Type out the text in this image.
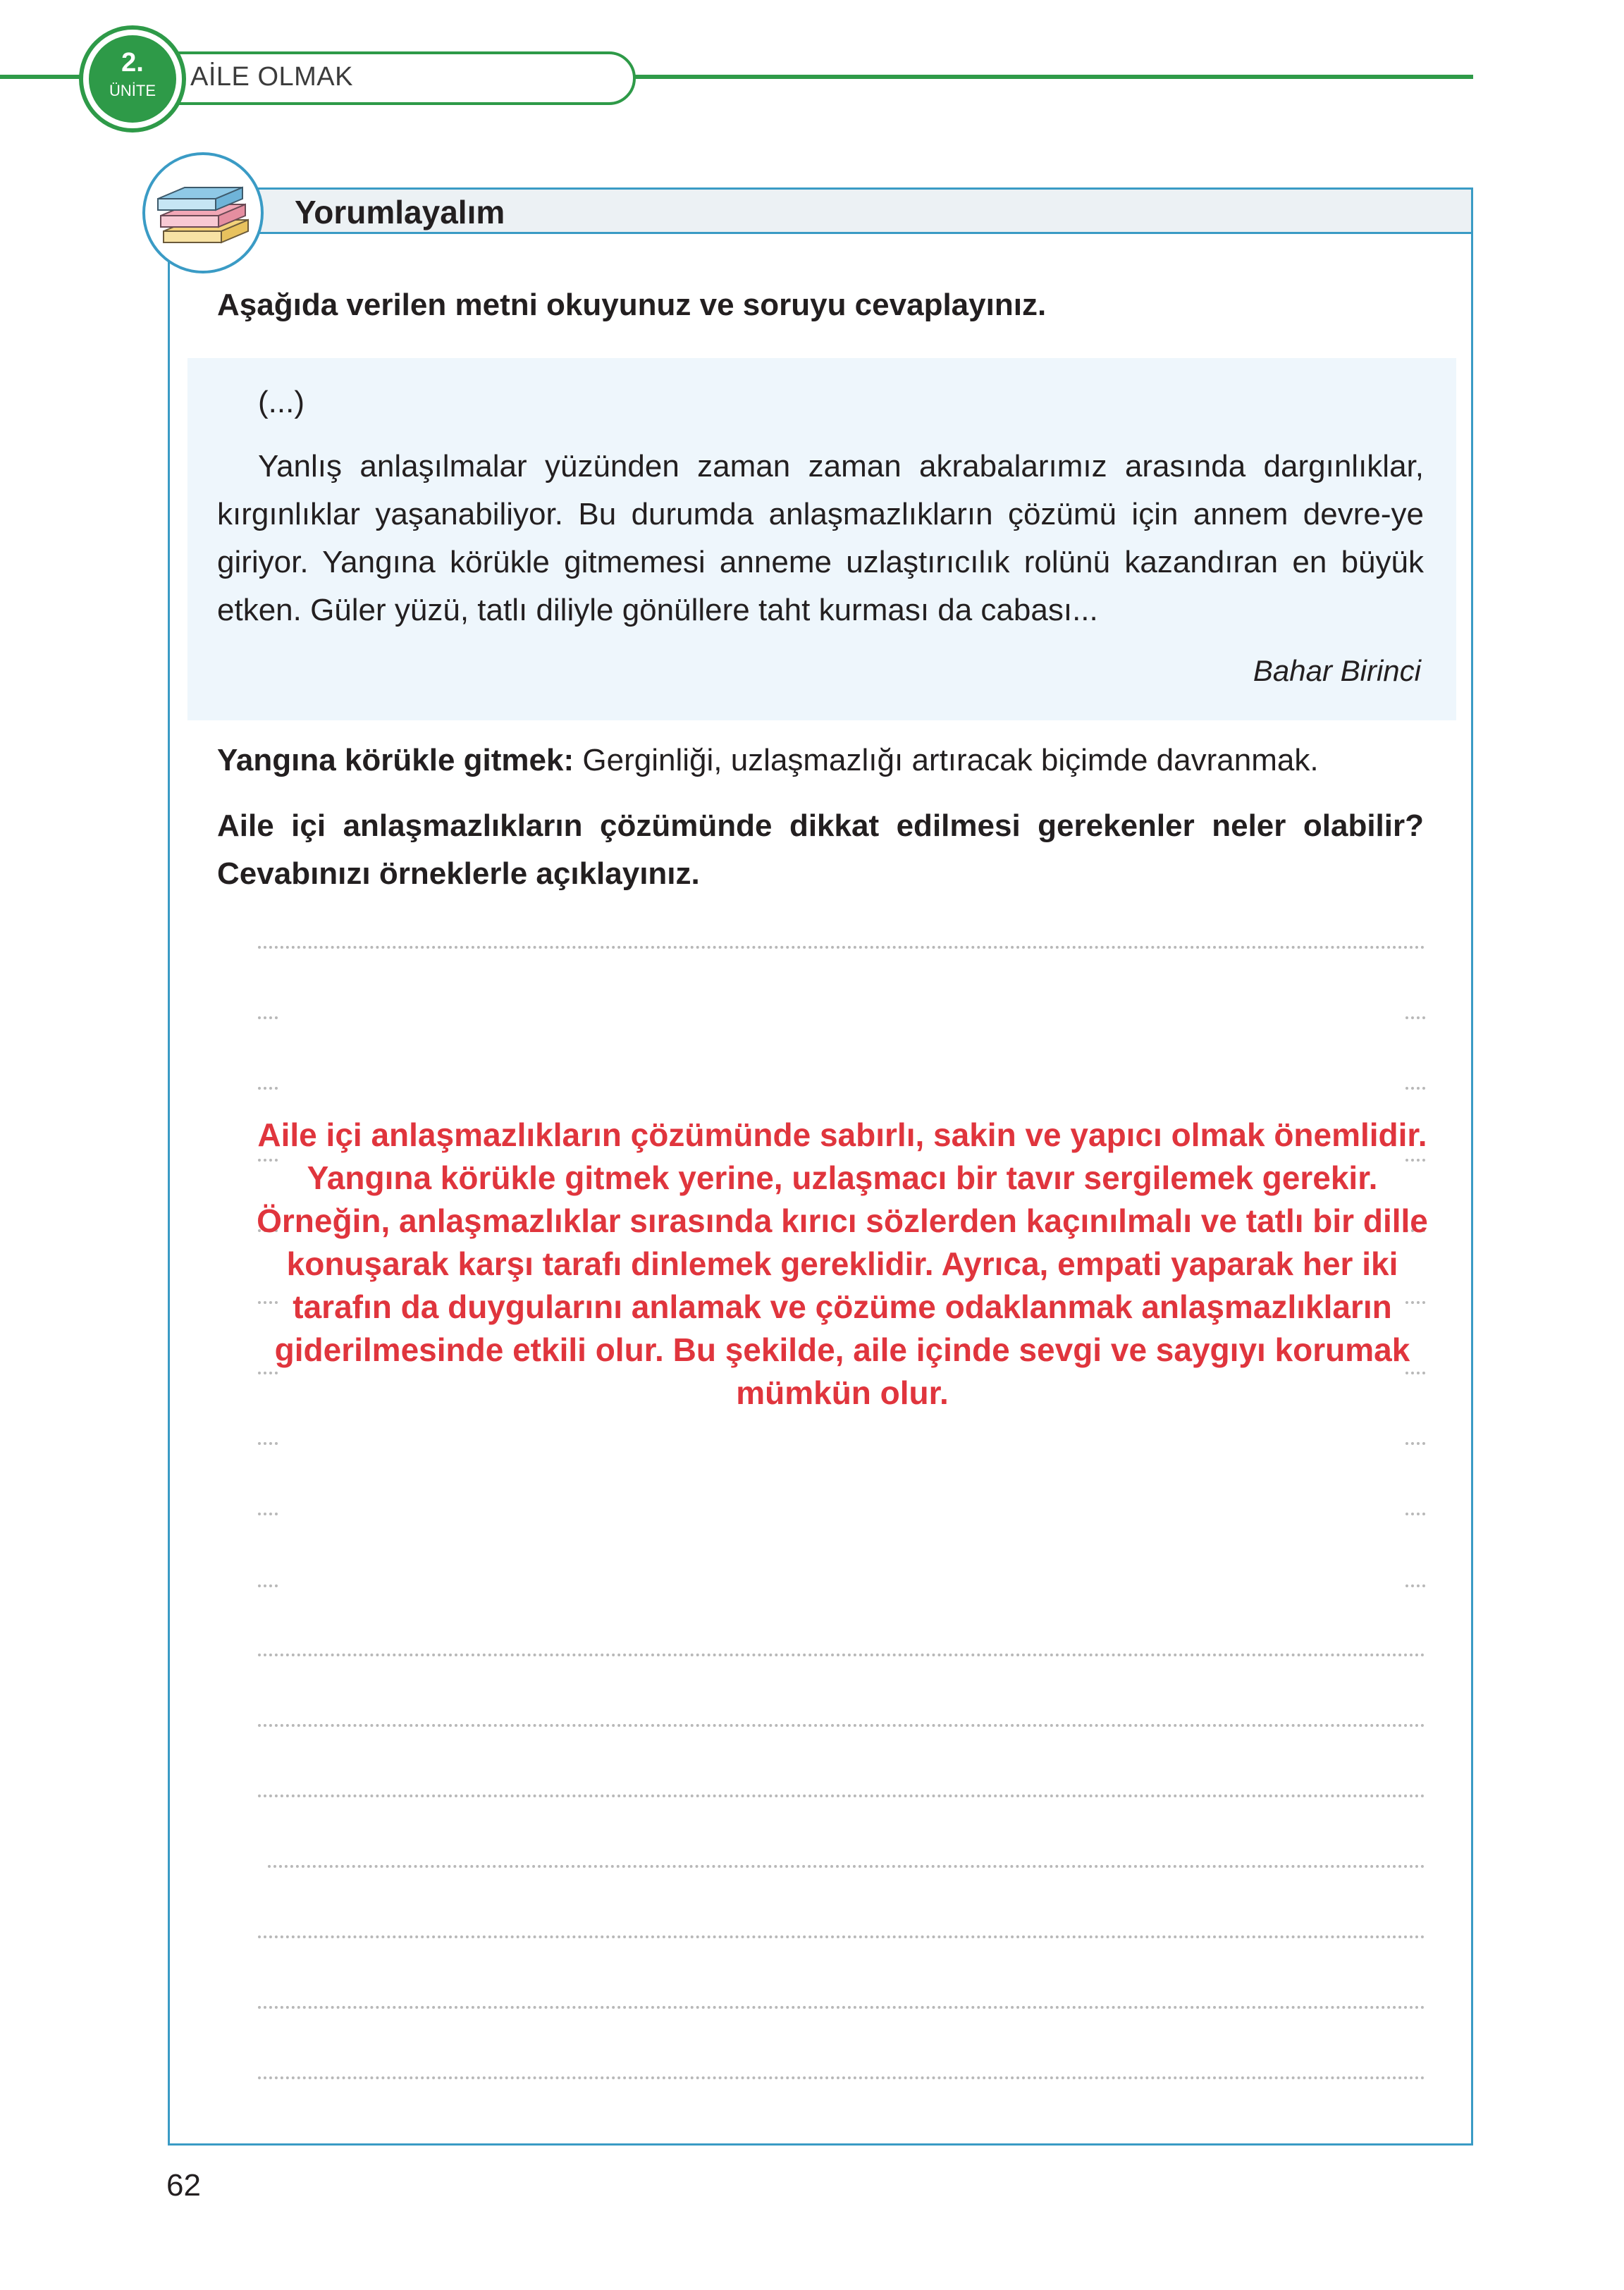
AİLE OLMAK
2.
ÜNİTE
Yorumlayalım
Aşağıda verilen metni okuyunuz ve soruyu cevaplayınız.
(...)
Yanlış anlaşılmalar yüzünden zaman zaman akrabalarımız arasında dargınlıklar, kırgınlıklar yaşanabiliyor. Bu durumda anlaşmazlıkların çözümü için annem devre-ye giriyor. Yangına körükle gitmemesi anneme uzlaştırıcılık rolünü kazandıran en büyük etken. Güler yüzü, tatlı diliyle gönüllere taht kurması da cabası...
Bahar Birinci
Yangına körükle gitmek: Gerginliği, uzlaşmazlığı artıracak biçimde davranmak.
Aile içi anlaşmazlıkların çözümünde dikkat edilmesi gerekenler neler olabilir? Cevabınızı örneklerle açıklayınız.
Aile içi anlaşmazlıkların çözümünde sabırlı, sakin ve yapıcı olmak önemlidir. Yangına körükle gitmek yerine, uzlaşmacı bir tavır sergilemek gerekir. Örneğin, anlaşmazlıklar sırasında kırıcı sözlerden kaçınılmalı ve tatlı bir dille konuşarak karşı tarafı dinlemek gereklidir. Ayrıca, empati yaparak her iki tarafın da duygularını anlamak ve çözüme odaklanmak anlaşmazlıkların giderilmesinde etkili olur. Bu şekilde, aile içinde sevgi ve saygıyı korumak mümkün olur.
62
